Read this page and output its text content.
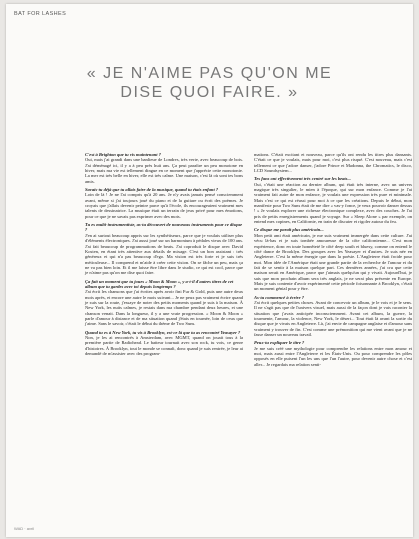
BAT FOR LASHES
« JE N'AIME PAS QU'ON ME
DISE QUOI FAIRE. »

C'est à Brighton que tu vis maintenant ?

Oui, mais j'ai grandi dans une banlieue de Londres, très verte, avec beaucoup de bois. J'ai déménagé ici, il y a à peu près huit ans. Ça peut paraître un peu monotone en hiver, mais ma vie est tellement dingue en ce moment que j'apprécie cette monotonie. La mer est très belle en hiver, elle est très calme. Une maison, c'est là où sont tes bons amis.

Savais-tu déjà que tu allais faire de la musique, quand tu étais enfant ?

Loin de là ! Je ne l'ai compris qu'à 20 ans. Je n'y avais jamais pensé consciemment avant, même si j'ai toujours joué du piano et de la guitare ou écrit des poèmes. Je croyais que j'allais devenir peintre parce qu'à l'école, ils encourageaient vraiment mes talents de dessinatrice. La musique était un terrain de jeux privé pour mes émotions, pour ce que je ne savais pas exprimer avec des mots.

Tu es multi-instrumentiste, as-tu découvert de nouveaux instruments pour ce disque ?

J'en ai surtout beaucoup appris sur les synthétiseurs, parce que je voulais utiliser plus d'éléments électroniques. J'ai aussi joué sur un harmonium à pédales vieux de 100 ans. J'ai fait beaucoup de programmations de beats. J'ai coproduit le disque avec David Kosten, en étant très attentive aux détails de mixage. C'est un bon assistant : très généreux et qui n'a pas beaucoup d'ego. Ma vision est très forte et je suis très méticuleuse... Il comprend et m'aide à créer cette vision. On se fâche un peu, mais ça ne va pas bien loin. Et il me laisse être libre dans le studio, ce qui est cool, parce que je n'aime pas qu'on me dise quoi faire.

Ça fait un moment que tu joues « Moon & Moon », y a-t-il d'autres titres de cet album que tu gardes avec toi depuis longtemps ?

J'ai écrit les chansons que j'ai écrites après avoir fini Fur & Gold, puis une autre deux mois après, et encore une autre le mois suivant... Je ne peux pas vraiment écrire quand je suis sur la route, j'essaye de noter des petits moments quand je suis à la maison. À New York, les nuits calmes, je restais dans ma chambre pendant deux heures, et une chanson venait. Dans la longueur, il y a une vraie progression. « Moon & Moon » parle d'amour à distance et de ma situation quand j'étais en tournée, loin de ceux que j'aime. Sans le savoir, c'était le début du thème de Two Suns.

Quand tu es à New York, tu vis à Brooklyn, est-ce là que tu as rencontré Yeasayer ?

Non, je les ai rencontrés à Amsterdam, avec MGMT, quand on jouait tous à la première partie de Radiohead. Le batteur tournait avec son rock, tu vois, ce genre d'histoires. À Brooklyn, tout le monde se connaît, donc quand je suis rentrée, je leur ai demandé de m'assister avec des program-

mations. C'était excitant et nouveau, parce qu'ils ont rendu les titres plus dansants. C'était ce que je voulais, mais pour moi, c'est plus risqué. C'est nouveau, mais c'est tellement ce que j'adore danser, j'adore Prince et Madonna, the Chromatics, le disco, LCD Soundsystem...

Tes fans ont effectivement très centré sur les beats...

Oui, c'était une réaction au dernier album, qui était très interne, avec un univers magique très singulier, le mien à l'époque, qui sur mon enfance. Comme je l'ai vraiment fait autre de mon enfance, je voulais une expression très pure et minimale. Mais c'est ce qui est réussi pour moi à ce que les créations. Depuis le début, mon manifeste pour Two Suns était de me dire « vas-y fonce, je veux pouvoir danser dessus ! » Je voulais explorer une richesse électronique complexe, avec des couches. Je l'ai pris de petits enregistrements quand je voyage. Sur « Sleep Alone » par exemple, on entend mes copines, en Californie, en train de discuter et rigoler autour du feu.

Ce disque me paraît plus américain...

Mon petit ami était américain, je me suis vraiment immergée dans cette culture. J'ai vécu là-bas et je suis tombée amoureuse de la côte californienne... C'est mon expérience, donc en toute honnêteté le côté deep south et bluesy, comme on entend le côté dance de Brooklyn. Des groupes avec les Yeasayer et d'autres. Je suis née en Angleterre. C'est la même énergie que dans la poésie. L'Angleterre était froide pour moi. Mon idée de l'Amérique était une grande partie de la recherche de l'amour et du fait de se sentir à la maison quelque part. Ces dernières années, j'ai cru que cette maison serait en Amérique, parce que j'aimais quelqu'un qui y vivait. Aujourd'hui, je sais que mon prochain album sera très anglais, je ne serai plus présente en Europe. Mais je suis contente d'avoir expérimenté cette période foisonnante à Brooklyn, c'était un moment génial pour y être.

As-tu commencé à écrire ?

J'ai écrit quelques petites choses. Avant de concevoir un album, je le vois et je le sens. Il ne s'agit pas que de l'univers visuel, mais aussi de la façon dont je vais raconter la situation que j'avais anticipée inconsciemment. Avant cet album, la guerre, la tourmente, l'amour, la violence, New York, le désert... Tout était là avant la sortie du disque que je vivais en Angleterre. Là, j'ai envie de campagne anglaise et d'amour sans vraiment y trouver de fin. C'est comme une prémonition qui me vient avant que je ne fasse danser un nouveau travail.

Peux-tu expliquer le titre ?

Je me suis créé une mythologie pour comprendre les relations entre mon amour et moi, mais aussi entre l'Angleterre et les États-Unis. Ou pour comprendre les pôles opposés en elle puisent l'un les uns que l'un l'autre, pour devenir autre chose et c'est aller... Je regardais ma relation senti-

WAD · avril
